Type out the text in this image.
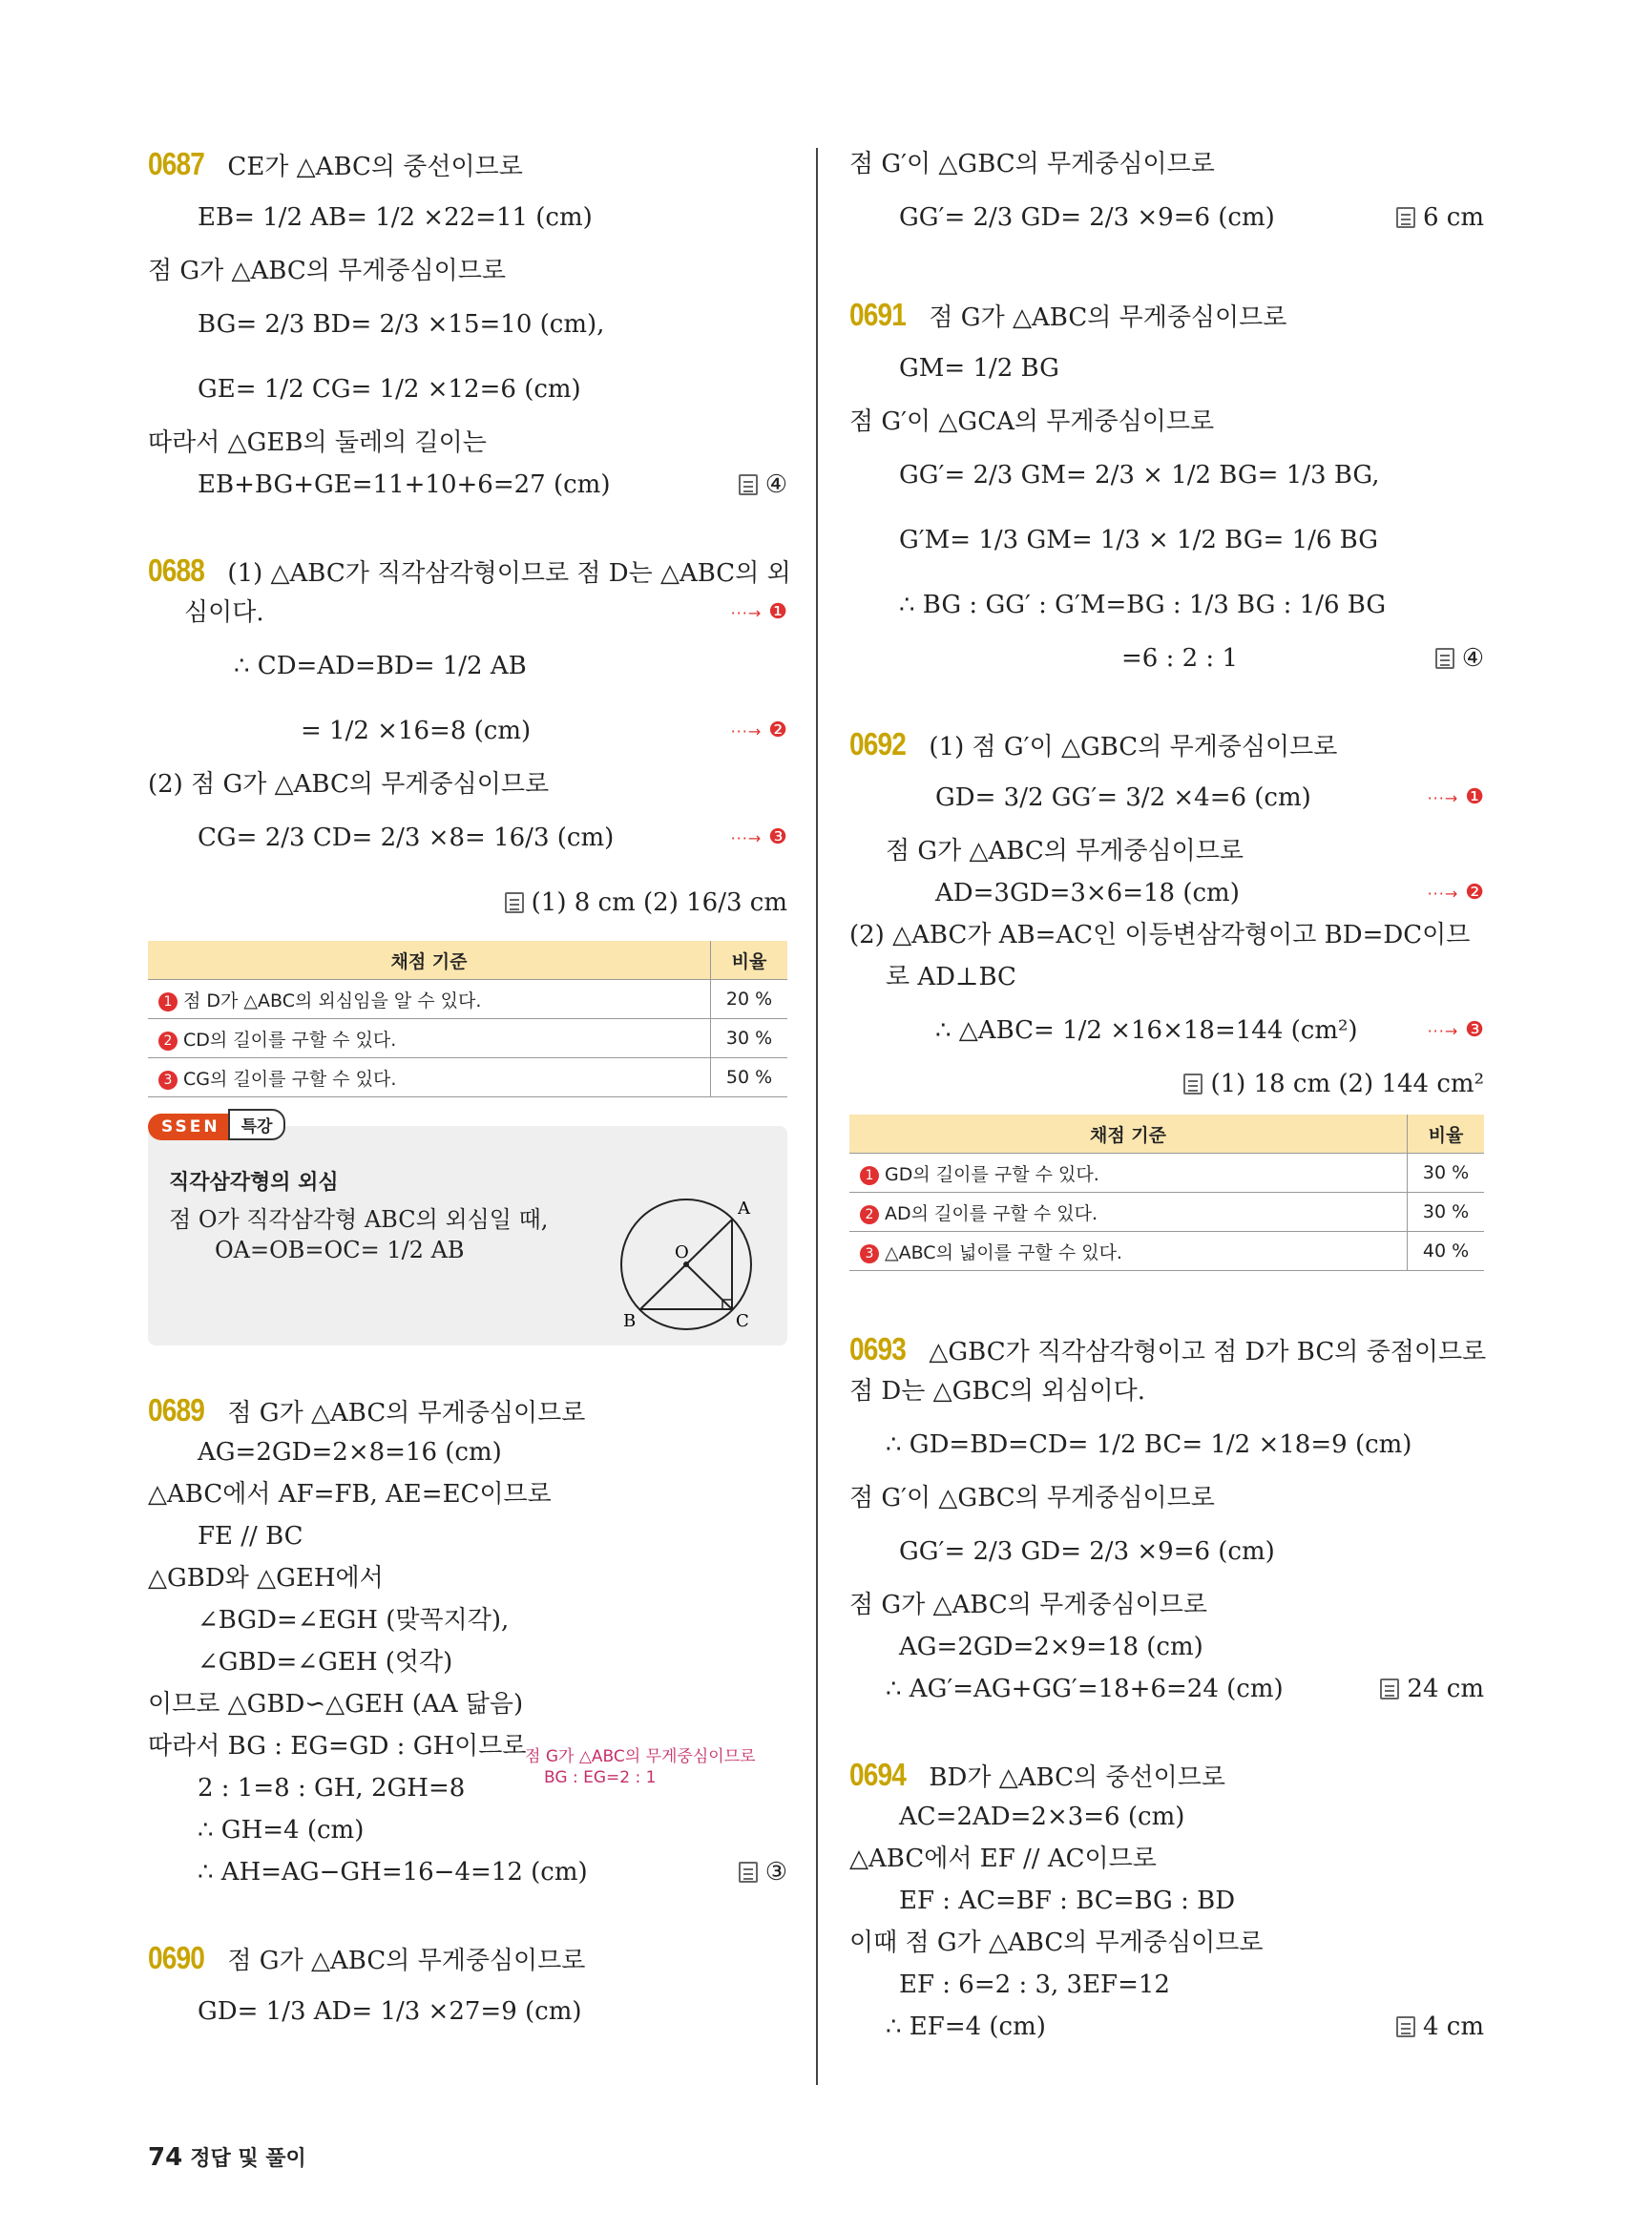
0687 CE가 △ABC의 중선이므로
EB= 1/2 AB= 1/2 ×22=11 (cm)
점 G가 △ABC의 무게중심이므로
BG= 2/3 BD= 2/3 ×15=10 (cm),
GE= 1/2 CG= 1/2 ×12=6 (cm)
따라서 △GEB의 둘레의 길이는
EB+BG+GE=11+10+6=27 (cm)	④
0688 (1) △ABC가 직각삼각형이므로 점 D는 △ABC의 외
심이다.	···→ ❶
∴ CD=AD=BD= 1/2 AB
= 1/2 ×16=8 (cm)	···→ ❷
(2) 점 G가 △ABC의 무게중심이므로
CG= 2/3 CD= 2/3 ×8= 16/3 (cm)	···→ ❸
(1) 8 cm (2) 16/3 cm
채점 기준	비율
1 점 D가 △ABC의 외심임을 알 수 있다.	20 %
2 CD의 길이를 구할 수 있다.	30 %
3 CG의 길이를 구할 수 있다.	50 %
SSEN 특강
직각삼각형의 외심
점 O가 직각삼각형 ABC의 외심일 때,
OA=OB=OC= 1/2 AB	O
A
B	C
0689 점 G가 △ABC의 무게중심이므로
AG=2GD=2×8=16 (cm)
△ABC에서 AF=FB, AE=EC이므로
FE // BC
△GBD와 △GEH에서
∠BGD=∠EGH (맞꼭지각),
∠GBD=∠GEH (엇각)
이므로 △GBD∽△GEH (AA 닮음)
따라서 BG : EG=GD : GH이므로
점 G가 △ABC의 무게중심이므로
BG : EG=2 : 1
2 : 1=8 : GH, 2GH=8
∴ GH=4 (cm)
∴ AH=AG−GH=16−4=12 (cm)	③
0690 점 G가 △ABC의 무게중심이므로
GD= 1/3 AD= 1/3 ×27=9 (cm)
점 G′이 △GBC의 무게중심이므로
GG′= 2/3 GD= 2/3 ×9=6 (cm)	6 cm
0691 점 G가 △ABC의 무게중심이므로
GM= 1/2 BG
점 G′이 △GCA의 무게중심이므로
GG′= 2/3 GM= 2/3 × 1/2 BG= 1/3 BG,
G′M= 1/3 GM= 1/3 × 1/2 BG= 1/6 BG
∴ BG : GG′ : G′M=BG : 1/3 BG : 1/6 BG
=6 : 2 : 1	④
0692 (1) 점 G′이 △GBC의 무게중심이므로
GD= 3/2 GG′= 3/2 ×4=6 (cm)	···→ ❶
점 G가 △ABC의 무게중심이므로
AD=3GD=3×6=18 (cm)	···→ ❷
(2) △ABC가 AB=AC인 이등변삼각형이고 BD=DC이므
로 AD⊥BC
∴ △ABC= 1/2 ×16×18=144 (cm²)	···→ ❸
(1) 18 cm (2) 144 cm²
채점 기준	비율
1 GD의 길이를 구할 수 있다.	30 %
2 AD의 길이를 구할 수 있다.	30 %
3 △ABC의 넓이를 구할 수 있다.	40 %
0693 △GBC가 직각삼각형이고 점 D가 BC의 중점이므로
점 D는 △GBC의 외심이다.
∴ GD=BD=CD= 1/2 BC= 1/2 ×18=9 (cm)
점 G′이 △GBC의 무게중심이므로
GG′= 2/3 GD= 2/3 ×9=6 (cm)
점 G가 △ABC의 무게중심이므로
AG=2GD=2×9=18 (cm)
∴ AG′=AG+GG′=18+6=24 (cm)	24 cm
0694 BD가 △ABC의 중선이므로
AC=2AD=2×3=6 (cm)
△ABC에서 EF // AC이므로
EF : AC=BF : BC=BG : BD
이때 점 G가 △ABC의 무게중심이므로
EF : 6=2 : 3, 3EF=12
∴ EF=4 (cm)	4 cm
74 정답 및 풀이
